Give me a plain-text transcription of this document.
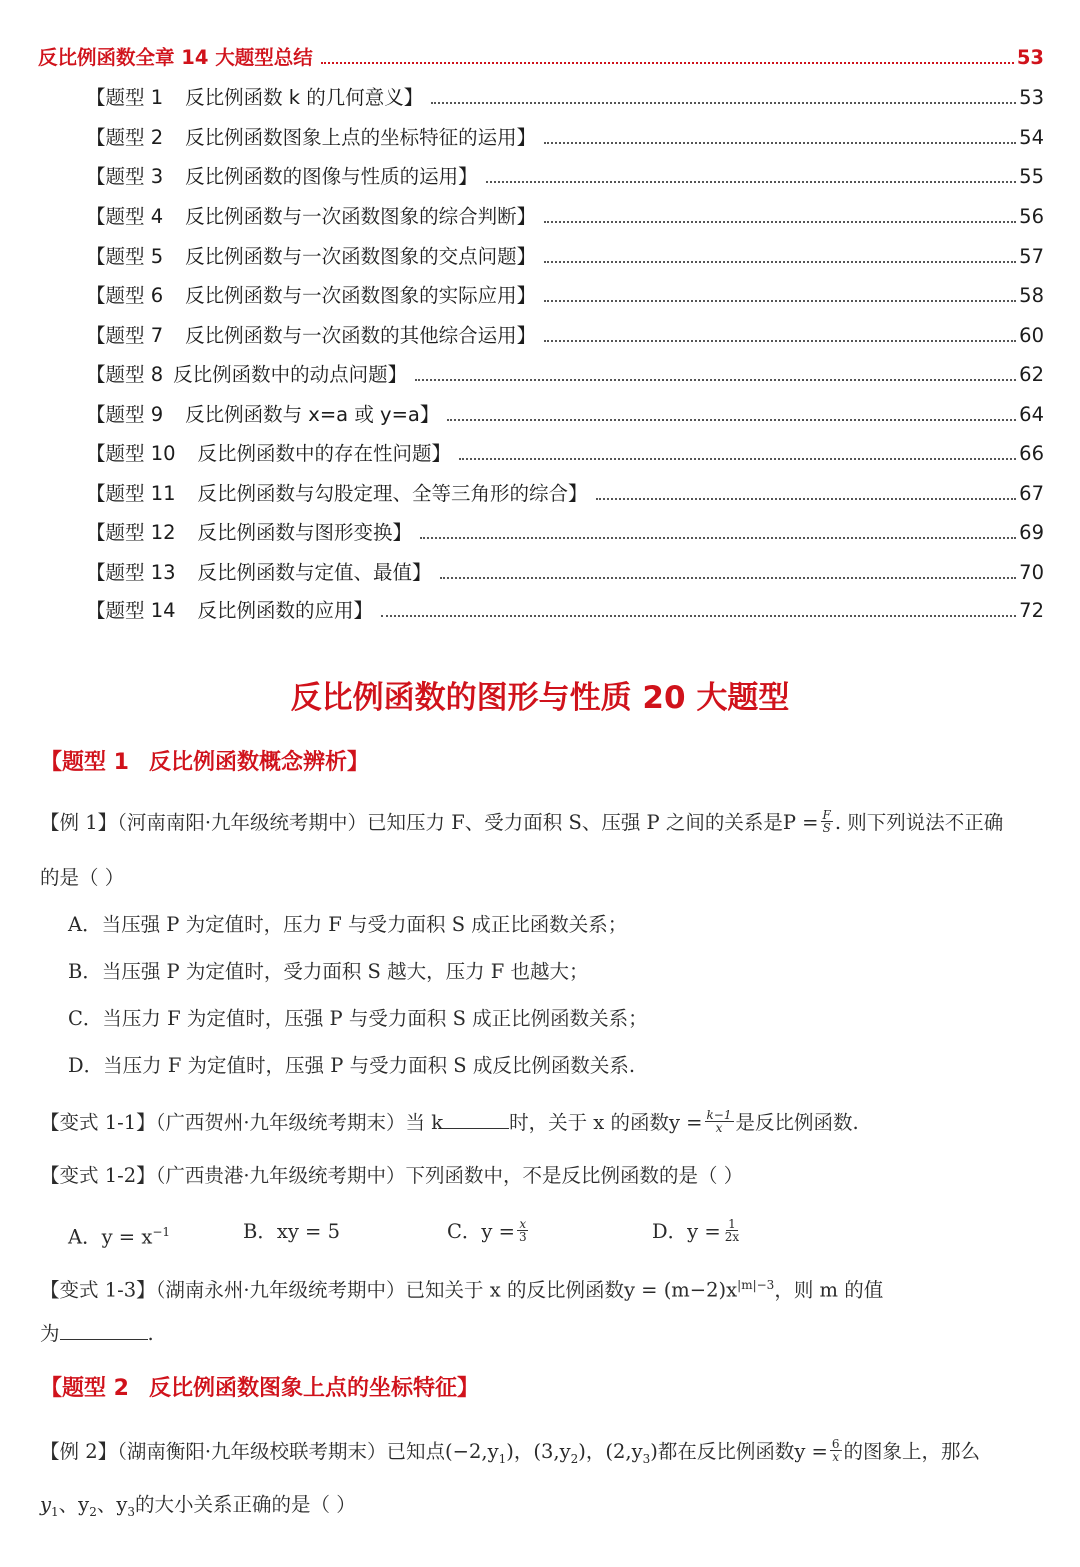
反比例函数全章 14 大题型总结	53
【题型 1 反比例函数 k 的几何意义】	53
【题型 2 反比例函数图象上点的坐标特征的运用】	54
【题型 3 反比例函数的图像与性质的运用】	55
【题型 4 反比例函数与一次函数图象的综合判断】	56
【题型 5 反比例函数与一次函数图象的交点问题】	57
【题型 6 反比例函数与一次函数图象的实际应用】	58
【题型 7 反比例函数与一次函数的其他综合运用】	60
【题型 8 反比例函数中的动点问题】	62
【题型 9 反比例函数与 x=a 或 y=a】	64
【题型 10 反比例函数中的存在性问题】	66
【题型 11 反比例函数与勾股定理、全等三角形的综合】	67
【题型 12 反比例函数与图形变换】	69
【题型 13 反比例函数与定值、最值】	70
【题型 14 反比例函数的应用】	72
反比例函数的图形与性质 20 大题型
【题型 1 反比例函数概念辨析】
【例 1】（河南南阳·九年级统考期中）已知压力 F、受力面积 S、压强 P 之间的关系是$P = \frac{F}{S}$ . 则下列说法不正确
的是（ ）
A．当压强 P 为定值时，压力 F 与受力面积 S 成正比函数关系；
B．当压强 P 为定值时，受力面积 S 越大，压力 F 也越大；
C．当压力 F 为定值时，压强 P 与受力面积 S 成正比例函数关系；
D．当压力 F 为定值时，压强 P 与受力面积 S 成反比例函数关系.
【变式 1-1】（广西贺州·九年级统考期末）当 k	时，关于 x 的函数$y = \frac{k-1}{x}$ 是反比例函数.
【变式 1-2】（广西贵港·九年级统考期中）下列函数中，不是反比例函数的是（ ）
A．$y = x^{-1}$	B．xy = 5	C．$y = \frac{x}{3}$	D．$y = \frac{1}{2x}$
【变式 1-3】（湖南永州·九年级统考期中）已知关于 x 的反比例函数$y = (m-2)x^{|m|-3}$，则 m 的值
为	.
【题型 2 反比例函数图象上点的坐标特征】
【例 2】（湖南衡阳·九年级校联考期末）已知点$(-2,y_1)$，$(3,y_2)$，$(2,y_3)$都在反比例函数$y = \frac{6}{x}$ 的图象上，那么
$y_1$、$y_2$、$y_3$的大小关系正确的是（ ）
